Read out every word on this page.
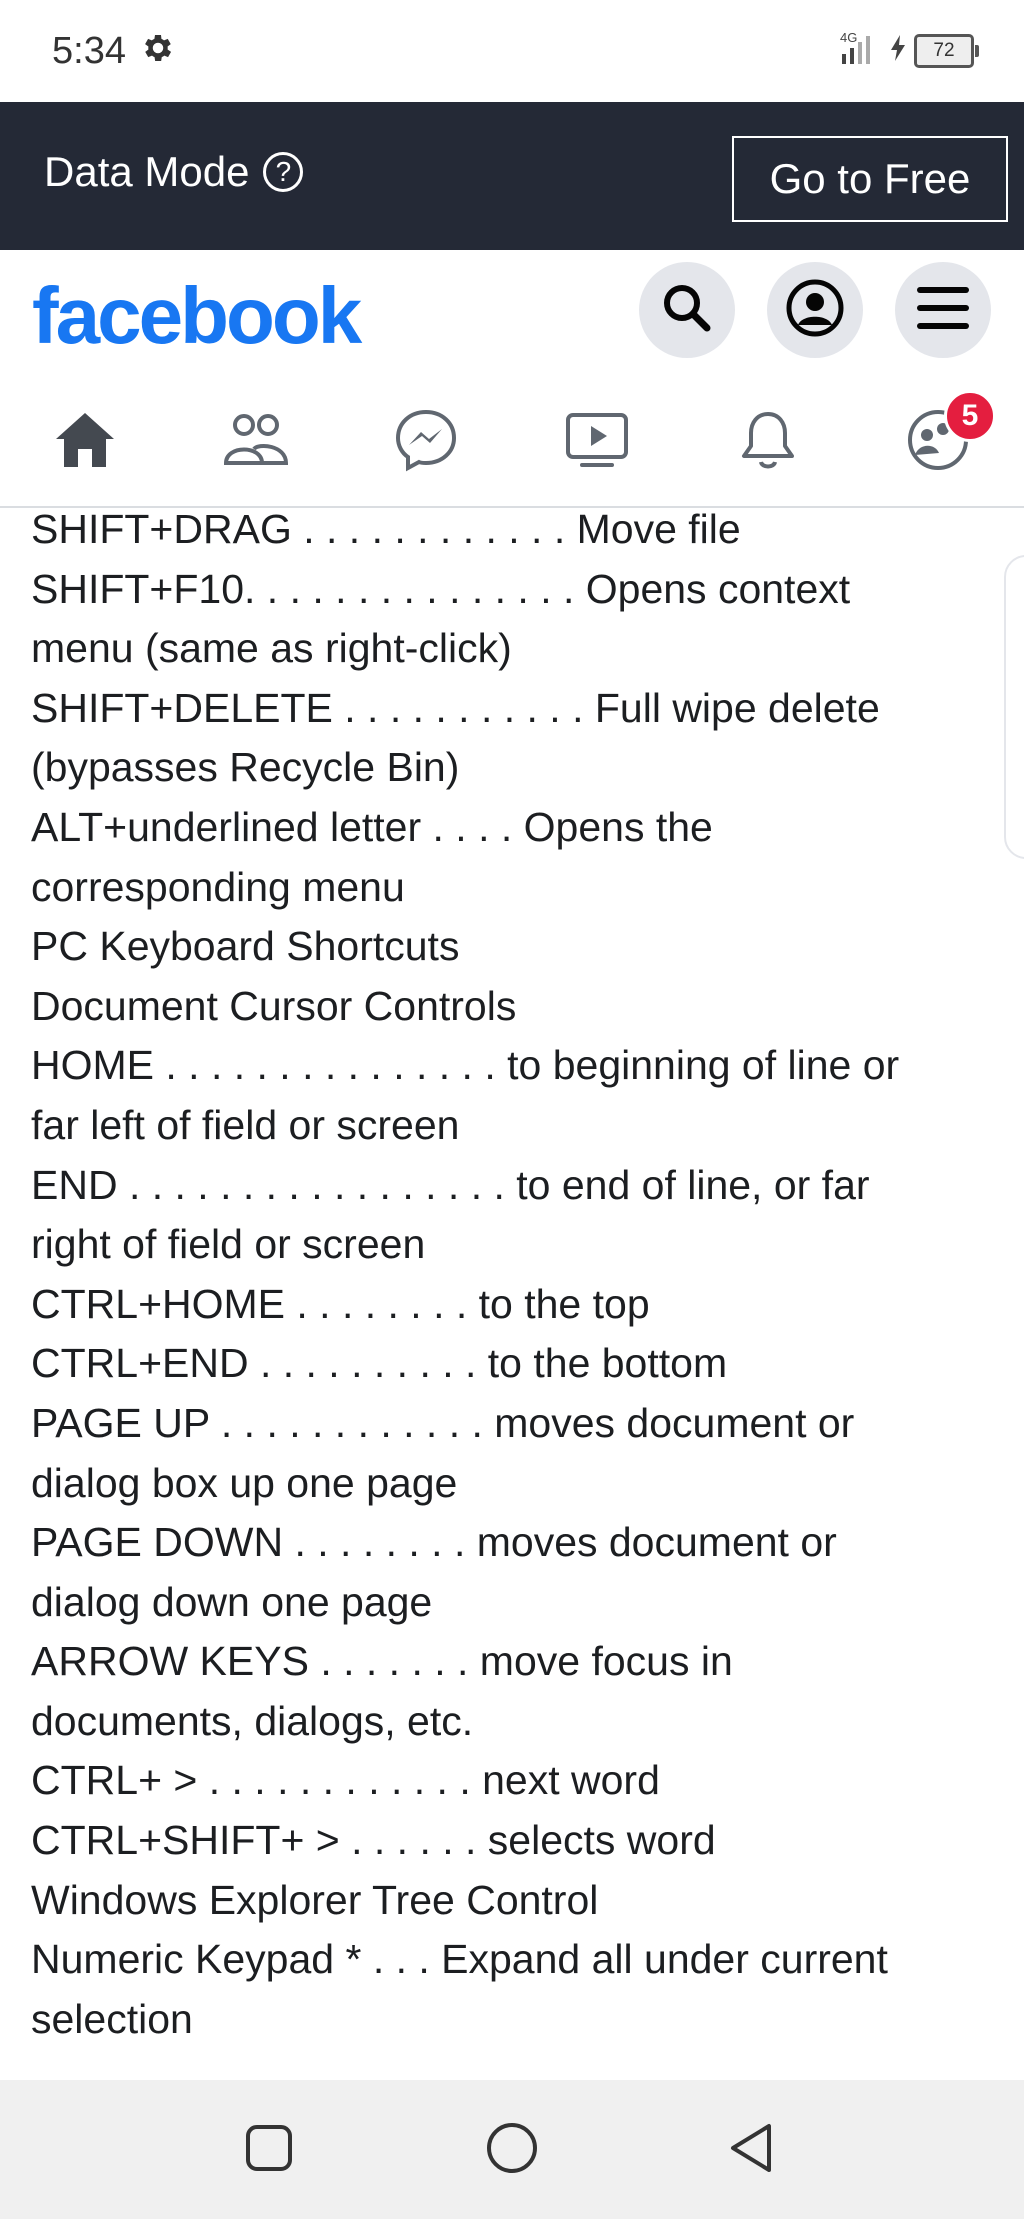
5:34	4G
72
Data Mode ?	Go to Free
facebook
5
SHIFT+DRAG . . . . . . . . . . . . Move file
SHIFT+F10. . . . . . . . . . . . . . . Opens context
menu (same as right-click)
SHIFT+DELETE . . . . . . . . . . . Full wipe delete
(bypasses Recycle Bin)
ALT+underlined letter . . . . Opens the
corresponding menu
PC Keyboard Shortcuts
Document Cursor Controls
HOME . . . . . . . . . . . . . . . to beginning of line or
far left of field or screen
END . . . . . . . . . . . . . . . . . to end of line, or far
right of field or screen
CTRL+HOME . . . . . . . . to the top
CTRL+END . . . . . . . . . . to the bottom
PAGE UP . . . . . . . . . . . . moves document or
dialog box up one page
PAGE DOWN . . . . . . . . moves document or
dialog down one page
ARROW KEYS . . . . . . . move focus in
documents, dialogs, etc.
CTRL+ > . . . . . . . . . . . . next word
CTRL+SHIFT+ > . . . . . . selects word
Windows Explorer Tree Control
Numeric Keypad * . . . Expand all under current
selection
